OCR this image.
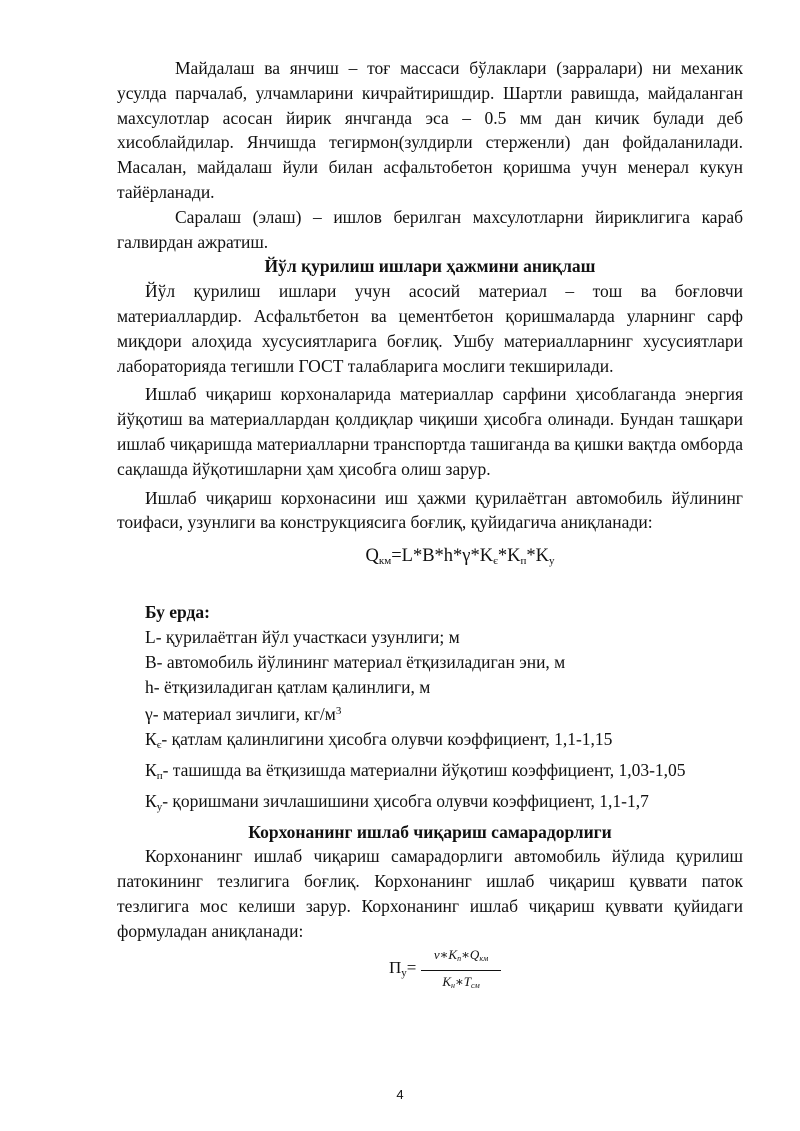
Майдалаш ва янчиш – тоғ массаси бўлаклари (зарралари) ни механик усулда парчалаб, улчамларини кичрайтиришдир. Шартли равишда, майдаланган махсулотлар асосан йирик янчганда эса – 0.5 мм дан кичик булади деб хисоблайдилар. Янчишда тегирмон(зулдирли стерженли) дан фойдаланилади. Масалан, майдалаш йули билан асфальтобетон қоришма учун менерал кукун тайёрланади.

Саралаш (элаш) – ишлов берилган махсулотларни йириклигига караб галвирдан ажратиш.

Йўл қурилиш ишлари ҳажмини аниқлаш

Йўл қурилиш ишлари учун асосий материал – тош ва боғловчи материаллардир. Асфальтбетон ва цементбетон қоришмаларда уларнинг сарф миқдори алоҳида хусусиятларига боғлиқ. Ушбу материалларнинг хусусиятлари лабораторияда тегишли ГОСТ талабларига мослиги текширилади.

Ишлаб чиқариш корхоналарида материаллар сарфини ҳисоблаганда энергия йўқотиш ва материаллардан қолдиқлар чиқиши ҳисобга олинади. Бундан ташқари ишлаб чиқаришда материалларни транспортда ташиганда ва қишки вақтда омборда сақлашда йўқотишларни ҳам ҳисобга олиш зарур.

Ишлаб чиқариш корхонасини иш ҳажми қурилаётган автомобиль йўлининг тоифаси, узунлиги ва конструкциясига боғлиқ, қуйидагича аниқланади:

$Q_{км}=L*B*h*\gamma*K_є*K_п*K_у$

Бу ерда:

L- қурилаётган йўл участкаси узунлиги; м

В- автомобиль йўлининг материал ётқизиладиган эни, м

h- ётқизиладиган қатлам қалинлиги, м

γ- материал зичлиги, $кг/м^3$

$К_є-$ қатлам қалинлигини ҳисобга олувчи коэффициент, 1,1-1,15

$К_п-$ ташишда ва ётқизишда материални йўқотиш коэффициент, 1,03-1,05

$К_у-$ қоришмани зичлашишини ҳисобга олувчи коэффициент, 1,1-1,7

Корхонанинг ишлаб чиқариш самарадорлиги

Корхонанинг ишлаб чиқариш самарадорлиги автомобиль йўлида қурилиш патокининг тезлигига боғлиқ. Корхонанинг ишлаб чиқариш қуввати паток тезлигига мос келиши зарур. Корхонанинг ишлаб чиқариш қуввати қуйидаги формуладан аниқланади:

$П_у=$
$v∗K_п∗Q_{км}$
$K_н∗T_{см}$
4
